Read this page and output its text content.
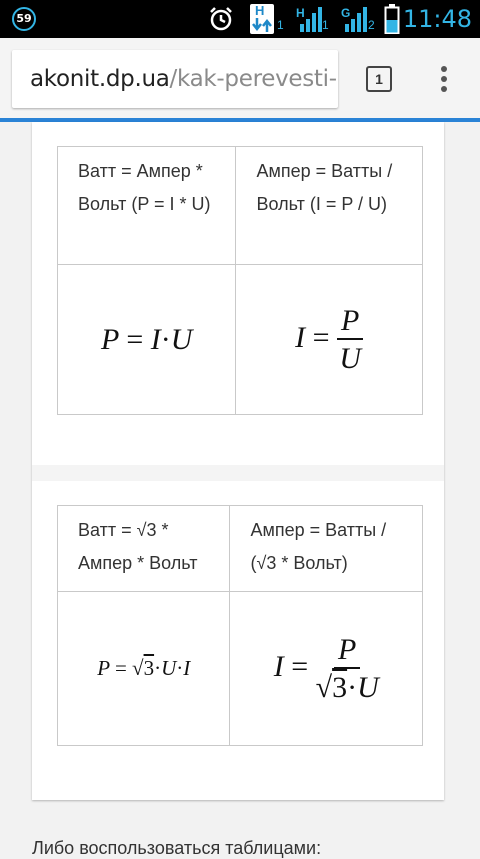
59
H
1
H
1
G
2 11:48
akonit.dp.ua/kak-perevesti-	1
Ватт = Ампер * Вольт (P = I * U)	Ампер = Ватты / Вольт (I = P / U)
P = I·U	$I = \frac{P}{U}$
Ватт = √3 * Ампер * Вольт	Ампер = Ватты / (√3 * Вольт)
P = √3·U·I	$I = \frac{P}{√3\cdot U}$
Либо воспользоваться таблицами:
